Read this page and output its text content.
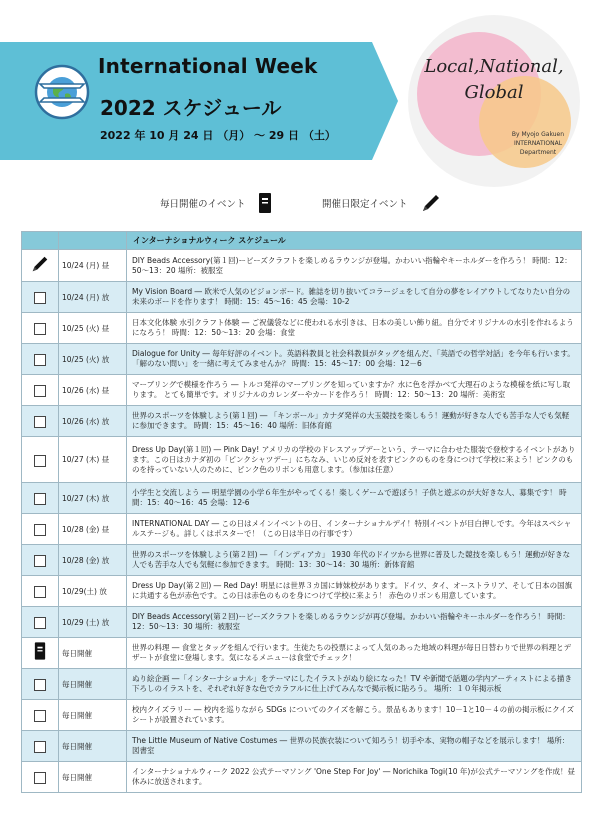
International Week
2022 スケジュール
2022 年 10 月 24 日 （月） ～ 29 日 （土）
Local,National,
Global
By Myojo Gakuen
INTERNATIONAL
Department
毎日開催のイベント	開催日限定イベント
		インターナショナルウィーク スケジュール
	10/24 (月) 昼	DIY Beads Accessory(第１回)ービーズクラフトを楽しめるラウンジが登場。かわいい指輪やキーホルダーを作ろう！ 時間：12：50～13：20 場所：被服室
	10/24 (月) 放	My Vision Board ― 欧米で人気のビジョンボード。雑誌を切り抜いてコラージュをして自分の夢をレイアウトしてなりたい自分の未来のボードを作ります！ 時間：15：45～16：45 会場：10-2
	10/25 (火) 昼	日本文化体験 水引クラフト体験 ― ご祝儀袋などに使われる水引きは、日本の美しい飾り紐。自分でオリジナルの水引を作れるようになろう！ 時間：12：50～13：20 会場：食堂
	10/25 (火) 放	Dialogue for Unity ― 毎年好評のイベント。英語科教員と社会科教員がタッグを組んだ、「英語での哲学対話」を今年も行います。「解のない問い」を一緒に考えてみませんか？ 時間：15：45～17：00 会場：12－6
	10/26 (水) 昼	マーブリングで模様を作ろう ― トルコ発祥のマーブリングを知っていますか？水に色を浮かべて大理石のような模様を紙に写し取ります。 とても簡単です。オリジナルのカレンダーやカードを作ろう！ 時間：12：50～13：20 場所：美術室
	10/26 (水) 放	世界のスポーツを体験しよう(第１回) ― 「キンボール」カナダ発祥の大玉競技を楽しもう！運動が好きな人でも苦手な人でも気軽に参加できます。 時間：15：45～16：40 場所：旧体育館
	10/27 (木) 昼	Dress Up Day(第１回) ― Pink Day! アメリカの学校のドレスアップデーという、テーマに合わせた服装で登校するイベントがあります。この日はカナダ初の「ピンクシャツデー」にちなみ、いじめ反対を表すピンクのものを身につけて学校に来よう！ピンクのものを持っていない人のために、ピンク色のリボンも用意します。（参加は任意）
	10/27 (木) 放	小学生と交流しよう ― 明星学園の小学６年生がやってくる！楽しくゲームで遊ぼう！子供と遊ぶのが大好きな人、募集です！ 時間：15：40～16：45 会場：12-6
	10/28 (金) 昼	INTERNATIONAL DAY ― この日はメインイベントの日、インターナショナルデイ！特別イベントが目白押しです。今年はスペシャルステージも。詳しくはポスターで！（この日は半日の行事です）
	10/28 (金) 放	世界のスポーツを体験しよう(第２回) ― 「インディアカ」 1930 年代のドイツから世界に普及した競技を楽しもう！運動が好きな人でも苦手な人でも気軽に参加できます。 時間：13：30～14：30 場所：新体育館
	10/29(土) 放	Dress Up Day(第２回) ― Red Day! 明星には世界３カ国に姉妹校があります。ドイツ、タイ、オーストラリア、そして日本の国旗に共通する色が赤色です。この日は赤色のものを身につけて学校に来よう！ 赤色のリボンも用意しています。
	10/29 (土) 放	DIY Beads Accessory(第２回)ービーズクラフトを楽しめるラウンジが再び登場。かわいい指輪やキーホルダーを作ろう！ 時間：12：50～13：30 場所：被服室
	毎日開催	世界の料理 ― 食堂とタッグを組んで行います。生徒たちの投票によって人気のあった地域の料理が毎日日替わりで世界の料理とデザートが食堂に登場します。気になるメニューは食堂でチェック！
	毎日開催	ぬり絵企画 ―「インターナショナル」をテーマにしたイラストがぬり絵になった！TV や新聞で話題の学内アーティストによる描き下ろしのイラストを、それぞれ好きな色でカラフルに仕上げてみんなで掲示板に貼ろう。 場所：１０年掲示板
	毎日開催	校内クイズラリー ― 校内を巡りながら SDGs についてのクイズを解こう。景品もあります！10－1と10－４の前の掲示板にクイズシートが設置されています。
	毎日開催	The Little Museum of Native Costumes ― 世界の民族衣装について知ろう！切手や本、実物の帽子などを展示します！ 場所：図書室
	毎日開催	インターナショナルウィーク 2022 公式テーマソング 'One Step For Joy' ― Norichika Togi(10 年)が公式テーマソングを作成！昼休みに放送されます。
